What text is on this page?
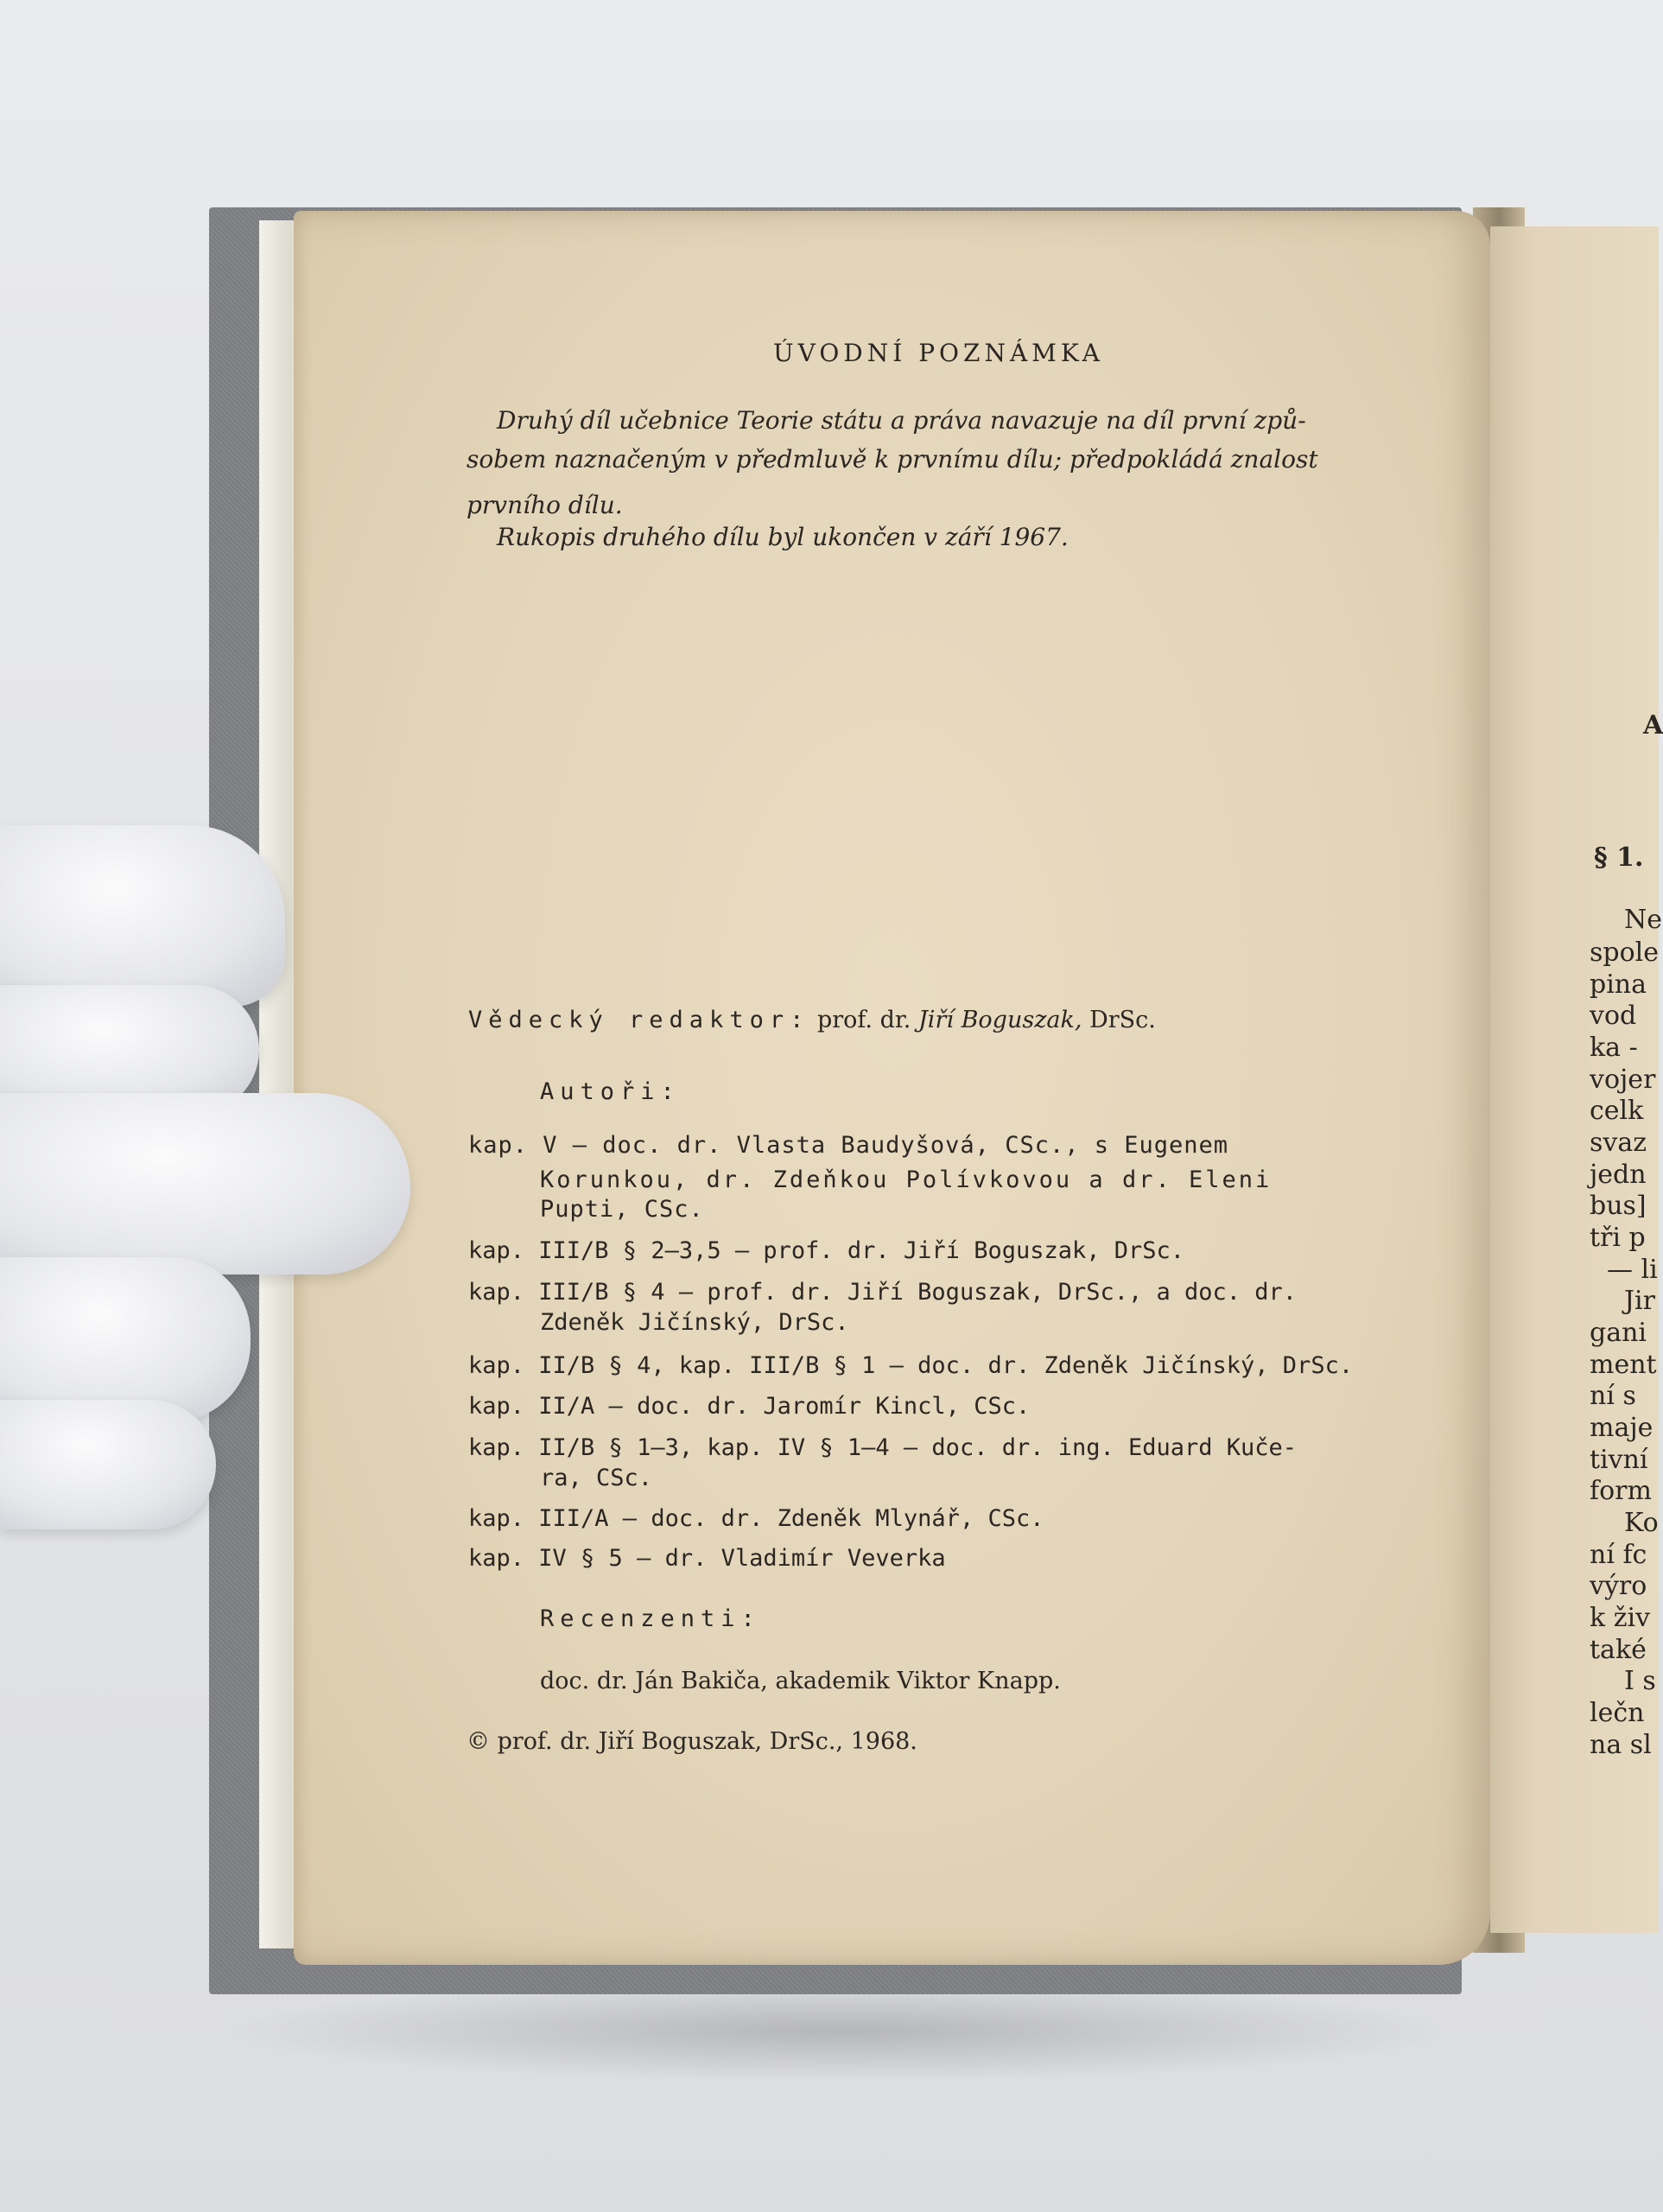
ÚVODNÍ POZNÁMKA
Druhý díl učebnice Teorie státu a práva navazuje na díl první způ-
sobem naznačeným v předmluvě k prvnímu dílu; předpokládá znalost
prvního dílu.
Rukopis druhého dílu byl ukončen v září 1967.
Vědecký redaktor: prof. dr. Jiří Boguszak, DrSc.
Autoři:
kap. V — doc. dr. Vlasta Baudyšová, CSc., s Eugenem
Korunkou, dr. Zdeňkou Polívkovou a dr. Eleni
Pupti, CSc.
kap. III/B § 2—3,5 — prof. dr. Jiří Boguszak, DrSc.
kap. III/B § 4 — prof. dr. Jiří Boguszak, DrSc., a doc. dr.
Zdeněk Jičínský, DrSc.
kap. II/B § 4, kap. III/B § 1 — doc. dr. Zdeněk Jičínský, DrSc.
kap. II/A — doc. dr. Jaromír Kincl, CSc.
kap. II/B § 1—3, kap. IV § 1—4 — doc. dr. ing. Eduard Kuče-
ra, CSc.
kap. III/A — doc. dr. Zdeněk Mlynář, CSc.
kap. IV § 5 — dr. Vladimír Veverka
Recenzenti:
doc. dr. Ján Bakiča, akademik Viktor Knapp.
© prof. dr. Jiří Boguszak, DrSc., 1968.
A
§ 1.
Ne
spole
pina
vod
ka -
vojer
celk
svaz
jedn
bus]
tři p
— li
Jir
gani
ment
ní s
maje
tivní
form
Ko
ní fc
výro
k živ
také
I s
lečn
na sl
